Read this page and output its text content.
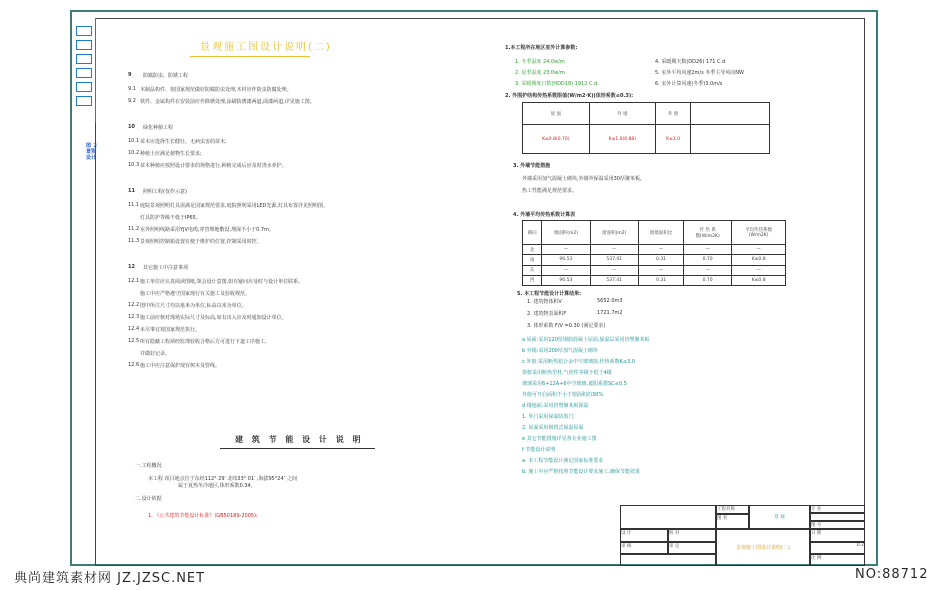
图_2
景观
设计
景观施工图设计说明(二)
9 防腐防虫、防锈工程
9.1 木制品构件、按国家规范做好防腐防虫处理,木材应作防虫防腐处理。
9.2 铁件、金属构件在安装前应作除锈处理,涂刷防锈漆两道,面漆两道,详见施工图。
10 绿化种植工程
10.1 苗木应选择生长健壮、无病虫害的苗木;
10.2 种植土应满足植物生长要求;
10.3 苗木种植应按照设计要求的规格进行,种植完成后应及时浇水养护。
11 照明工程(仅作示意)
11.1 庭院景观照明灯具需满足国家规范要求,庭院照明采用LED光源,灯具布置详见照明图。
灯具防护等级不低于IP65。
11.2 室外照明线路采用YJV电缆,穿管埋地敷设,埋深不小于0.7m。
11.3 景观照明控制箱设置在便于维护的位置,控制采用时控。
12 其它施工中注意事项
12.1 施工单位应认真阅读图纸,领会设计意图,如有疑问应及时与设计单位联系。
施工中应严格遵守国家现行有关施工及验收规范。
12.2 图中所注尺寸均以毫米为单位,标高以米为单位。
12.3 施工前应核对现场实际尺寸及标高,如有出入应及时通知设计单位。
12.4 未尽事宜按国家规范执行。
12.5 所有隐蔽工程须经监理验收合格后方可进行下道工序施工,
并做好记录。
12.6 施工中应注意保护现有树木及管线。
建 筑 节 能 设 计 说 明
一.工程概况
本工程 项目地点位于东经112° 29′ 北纬33° 01′ ,海拔95°24″ 之间
属于夏热冬冷地区,体形系数0.34。
二.设计依据
1. 《公共建筑节能设计标准》(GB50189-2005);
1.本工程所在地区室外计算参数:
1. 冬季温度 24.0w/m
2. 夏季温度 23.0w/m
3. 采暖期度日数(HDD18) 1912 C.d
4. 采暖期天数(DD26) 171 C.d
5. 室外平均风速2m/s 冬季主导风向NW
6. 室外计算风速(冬季)3.0m/s
2. 外围护结构传热系数限值(W/m2·K)(体形系数≤0.3):
屋 面	外 墙	外 窗	
K≤0.8(0.70)	K≤1.0(0.88)	K≤3.0	
3. 外墙节能措施
外墙采用加气混凝土砌块,外墙外保温采用30厚聚苯板,
热工性能满足规范要求。
4. 外墙平均传热系数计算表
朝向	墙面积(m2)	窗面积(m2)	窗墙面积比	传 热 系
数(W/m2K)	平均传热系数
(W/m2K)
北	—	—	—	—	—
南	96.53	537.41	0.31	0.70	K≤0.8
东	—	—	—	—	—
西	96.53	537.41	0.31	0.70	K≤0.8
5. 本工程节能设计计算结果:
1. 建筑物体积V	5652.0m3
2. 建筑物表面积F	1721.7m2
3. 体形系数 F/V =0.30 (满足要求)
a 屋面:采用120厚钢筋混凝土屋面,保温层采用挤塑聚苯板
b 外墙:采用200厚加气混凝土砌块
c 外窗:采用断热铝合金中空玻璃窗,传热系数K≤3.0
窗框采用断热型材,气密性等级不低于4级
玻璃采用6+12A+6中空玻璃,遮阳系数SC≤0.5
外窗可开启面积不小于窗面积的30%
d 楼地面:采用挤塑聚苯板保温
1. 外门采用保温防盗门
2. 屋面采用倒置式保温屋面
e 其它节能措施详见各专业施工图
f 节能设计说明
a. 本工程节能设计满足国家标准要求
b. 施工中应严格按照节能设计要求施工,确保节能效果
工程名称
图 名	景 观
专 业
图 号
设 计	校 对
审 核	审 定	景观施工图设计说明(二)
日 期
0.2
比 例
典尚建筑素材网 JZ.JZSC.NET	NO:88712
